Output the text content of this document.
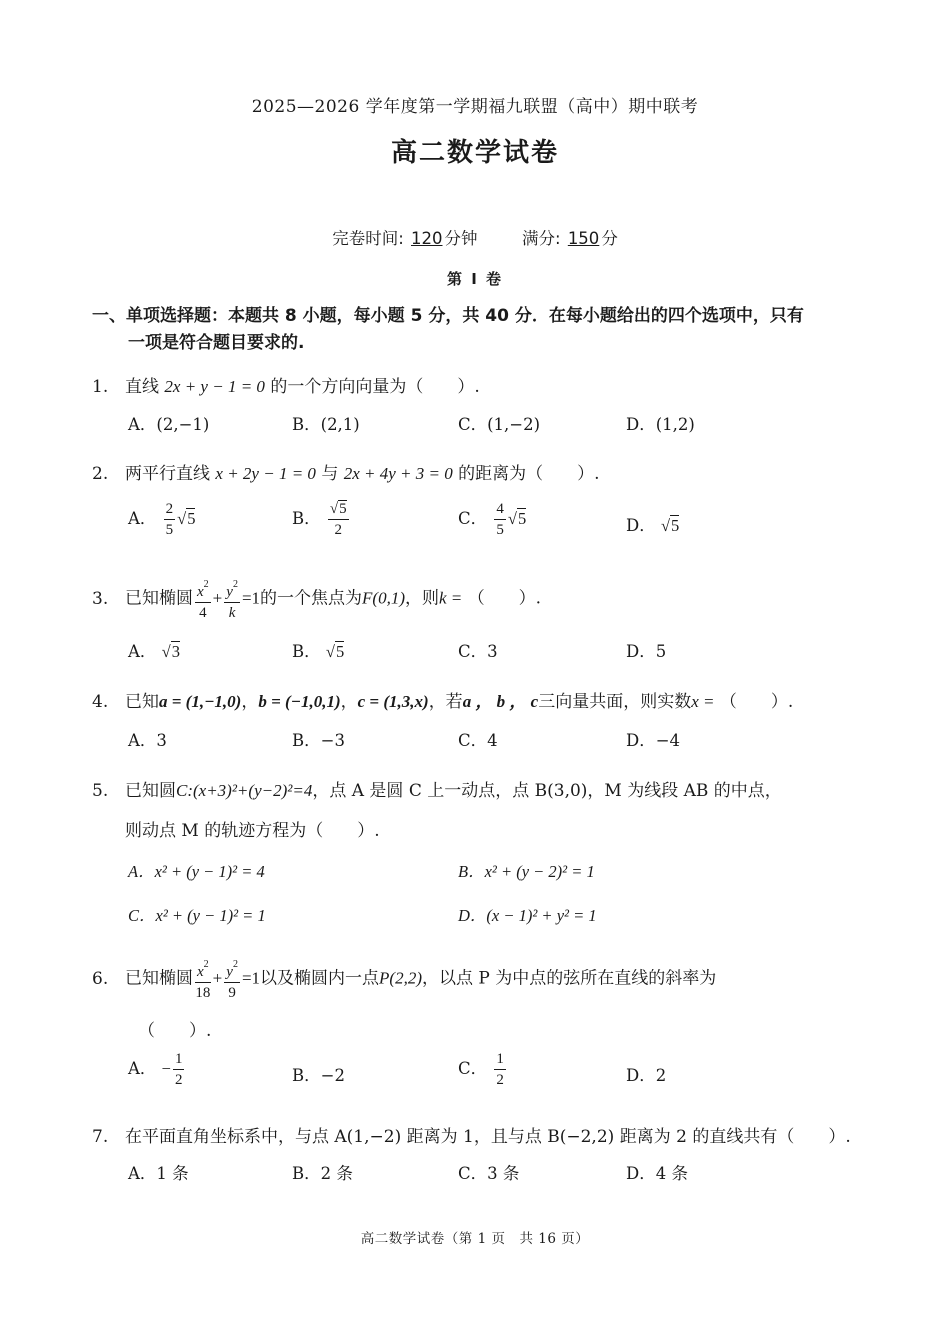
2025—2026 学年度第一学期福九联盟（高中）期中联考
高二数学试卷
完卷时间: 120 分钟	满分: 150 分
第 I 卷
一、单项选择题：本题共 8 小题，每小题 5 分，共 40 分．在每小题给出的四个选项中，只有
一项是符合题目要求的.
1. 直线 2x + y − 1 = 0 的一个方向向量为（　　）.
A．(2,−1)	B．(2,1)	C．(1,−2)	D．(1,2)
2. 两平行直线 x + 2y − 1 = 0 与 2x + 4y + 3 = 0 的距离为（　　）.
A． $\frac{2}{5} √5$	B． $\frac{√5}{2}$	C． $\frac{4}{5} √5$	D． √5
3. 已知椭圆 $\frac{x^2}{4} + \frac{y^2}{k} =1$的一个焦点为F(0,1)，则k = （　　）.
A． √3	B． √5	C．3	D．5
4. 已知a = (1,−1,0)，b = (−1,0,1)，c = (1,3,x)，若a ， b ， c三向量共面，则实数x = （　　）.
A．3	B．−3	C．4	D．−4
5. 已知圆C:(x+3)²+(y−2)²=4，点 A 是圆 C 上一动点，点 B(3,0)，M 为线段 AB 的中点，
则动点 M 的轨迹方程为（　　）.
A．x² + (y − 1)² = 4	B．x² + (y − 2)² = 1
C．x² + (y − 1)² = 1	D．(x − 1)² + y² = 1
6. 已知椭圆 $\frac{x^2}{18} + \frac{y^2}{9} =1$以及椭圆内一点P(2,2)，以点 P 为中点的弦所在直线的斜率为
（　　）.
A． − $\frac{1}{2}$	B．−2	C． $\frac{1}{2}$	D．2
7. 在平面直角坐标系中，与点 A(1,−2) 距离为 1，且与点 B(−2,2) 距离为 2 的直线共有（　　）.
A．1 条	B．2 条	C．3 条	D．4 条
高二数学试卷（第 1 页　共 16 页）
